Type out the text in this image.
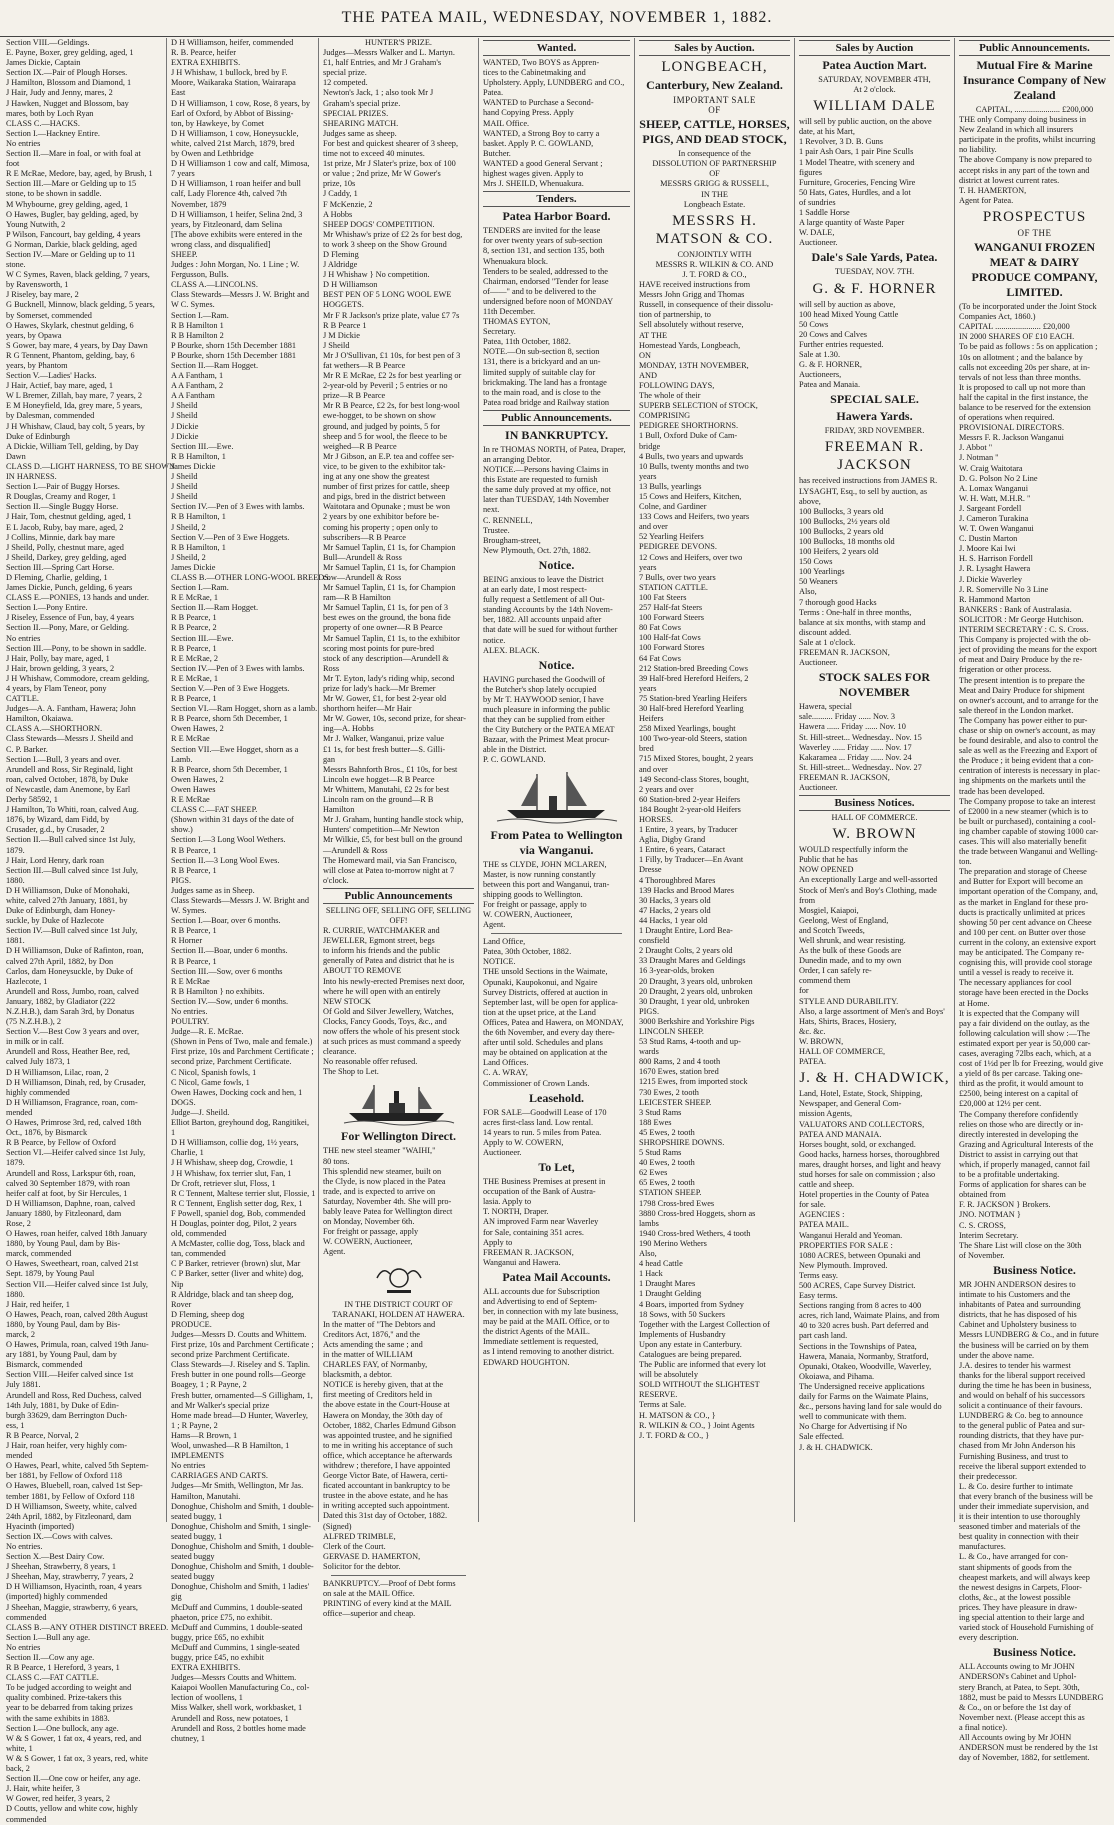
THE PATEA MAIL, WEDNESDAY, NOVEMBER 1, 1882.
Section VIII.—Geldings.
E. Payne, Boxer, grey gelding, aged, 1
James Dickie, Captain
Section IX.—Pair of Plough Horses.
J Hamilton, Blossom and Diamond, 1
J Hair, Judy and Jenny, mares, 2
J Hawken, Nugget and Blossom, bay
mares, both by Loch Ryan
CLASS C.—HACKS.
Section I.—Hackney Entire.
No entries
Section II.—Mare in foal, or with foal at
foot
R E McRae, Medore, bay, aged, by Brush, 1
Section III.—Mare or Gelding up to 15
stone, to be shown in saddle.
M Whybourne, grey gelding, aged, 1
O Hawes, Bugler, bay gelding, aged, by
Young Nutwith, 2
P Wilson, Fancourt, bay gelding, 4 years
G Norman, Darkie, black gelding, aged
Section IV.—Mare or Gelding up to 11
stone.
W C Symes, Raven, black gelding, 7 years,
by Ravensworth, 1
J Riseley, bay mare, 2
G Bucknell, Minnow, black gelding, 5 years,
by Somerset, commended
O Hawes, Skylark, chestnut gelding, 6
years, by Opawa
S Gower, bay mare, 4 years, by Day Dawn
R G Tennent, Phantom, gelding, bay, 6
years, by Phantom
Section V.—Ladies' Hacks.
J Hair, Actief, bay mare, aged, 1
W L Bremer, Zillah, bay mare, 7 years, 2
E M Honeyfield, Ida, grey mare, 5 years,
by Dalesman, commended
J H Whishaw, Claud, bay colt, 5 years, by
Duke of Edinburgh
A Dickie, William Tell, gelding, by Day
Dawn
CLASS D.—LIGHT HARNESS, TO BE SHOWN
IN HARNESS.
Section I.—Pair of Buggy Horses.
R Douglas, Creamy and Roger, 1
Section II.—Single Buggy Horse.
J Hair, Tom, chestnut gelding, aged, 1
E L Jacob, Ruby, bay mare, aged, 2
J Collins, Minnie, dark bay mare
J Sheild, Polly, chestnut mare, aged
J Sheild, Darkey, grey gelding, aged
Section III.—Spring Cart Horse.
D Fleming, Charlie, gelding, 1
James Dickie, Punch, gelding, 6 years
CLASS E.—PONIES, 13 hands and under.
Section I.—Pony Entire.
J Riseley, Essence of Fun, bay, 4 years
Section II.—Pony, Mare, or Gelding.
No entries
Section III.—Pony, to be shown in saddle.
J Hair, Polly, bay mare, aged, 1
J Hair, brown gelding, 3 years, 2
J H Whishaw, Commodore, cream gelding,
4 years, by Flam Teneor, pony
CATTLE.
Judges—A. A. Fantham, Hawera; John
Hamilton, Okaiawa.
CLASS A.—SHORTHORN.
Class Stewards—Messrs J. Sheild and
C. P. Barker.
Section I.—Bull, 3 years and over.
Arundell and Ross, Sir Reginald, light
roan, calved October, 1878, by Duke
of Newcastle, dam Anemone, by Earl
Derby 58592, 1
J Hamilton, To Whiti, roan, calved Aug.
1876, by Wizard, dam Fidd, by
Crusader, g.d., by Crusader, 2
Section II.—Bull calved since 1st July,
1879.
J Hair, Lord Henry, dark roan
Section III.—Bull calved since 1st July,
1880.
D H Williamson, Duke of Monohaki,
white, calved 27th January, 1881, by
Duke of Edinburgh, dam Honey-
suckle, by Duke of Hazlecote
Section IV.—Bull calved since 1st July,
1881.
D H Williamson, Duke of Rafinton, roan,
calved 27th April, 1882, by Don
Carlos, dam Honeysuckle, by Duke of
Hazlecote, 1
Arundell and Ross, Jumbo, roan, calved
January, 1882, by Gladiator (222
N.Z.H.B.), dam Sarah 3rd, by Donatus
(75 N.Z.H.B.), 2
Section V.—Best Cow 3 years and over,
in milk or in calf.
Arundell and Ross, Heather Bee, red,
calved July 1873, 1
D H Williamson, Lilac, roan, 2
D H Williamson, Dinah, red, by Crusader,
highly commended
D H Williamson, Fragrance, roan, com-
mended
O Hawes, Primrose 3rd, red, calved 18th
Oct., 1876, by Bismarck
R B Pearce, by Fellow of Oxford
Section VI.—Heifer calved since 1st July,
1879.
Arundell and Ross, Larkspur 6th, roan,
calved 30 September 1879, with roan
heifer calf at foot, by Sir Hercules, 1
D H Williamson, Daphne, roan, calved
January 1880, by Fitzleonard, dam
Rose, 2
O Hawes, roan heifer, calved 18th January
1880, by Young Paul, dam by Bis-
marck, commended
O Hawes, Sweetheart, roan, calved 21st
Sept. 1879, by Young Paul
Section VII.—Heifer calved since 1st July,
1880.
J Hair, red heifer, 1
O Hawes, Peach, roan, calved 28th August
1880, by Young Paul, dam by Bis-
marck, 2
O Hawes, Primula, roan, calved 19th Janu-
ary 1881, by Young Paul, dam by
Bismarck, commended
Section VIII.—Heifer calved since 1st
July 1881.
Arundell and Ross, Red Duchess, calved
14th July, 1881, by Duke of Edin-
burgh 33629, dam Berrington Duch-
ess, 1
R B Pearce, Norval, 2
J Hair, roan heifer, very highly com-
mended
O Hawes, Pearl, white, calved 5th Septem-
ber 1881, by Fellow of Oxford 118
O Hawes, Bluebell, roan, calved 1st Sep-
tember 1881, by Fellow of Oxford 118
D H Williamson, Sweety, white, calved
24th April, 1882, by Fitzleonard, dam
Hyacinth (imported)
Section IX.—Cows with calves.
No entries.
Section X.—Best Dairy Cow.
J Sheehan, Strawberry, 8 years, 1
J Sheehan, May, strawberry, 7 years, 2
D H Williamson, Hyacinth, roan, 4 years
(imported) highly commended
J Sheehan, Maggie, strawberry, 6 years,
commended
CLASS B.—ANY OTHER DISTINCT BREED.
Section I.—Bull any age.
No entries
Section II.—Cow any age.
R B Pearce, 1 Hereford, 3 years, 1
CLASS C.—FAT CATTLE.
To be judged according to weight and
quality combined. Prize-takers this
year to be debarred from taking prizes
with the same exhibits in 1883.
Section I.—One bullock, any age.
W & S Gower, 1 fat ox, 4 years, red, and
white, 1
W & S Gower, 1 fat ox, 3 years, red, white
back, 2
Section II.—One cow or heifer, any age.
J. Hair, white heifer, 3
W Gower, red heifer, 3 years, 2
D Coutts, yellow and white cow, highly
commended
D H Williamson, heifer, commended
R. B. Pearce, heifer
EXTRA EXHIBITS.
J H Whishaw, 1 bullock, bred by F.
Moore, Waikaraka Station, Wairarapa
East
D H Williamson, 1 cow, Rose, 8 years, by
Earl of Oxford, by Abbot of Bissing-
ton, by Hawkeye, by Comet
D H Williamson, 1 cow, Honeysuckle,
white, calved 21st March, 1879, bred
by Owen and Lethbridge
D H Williamson 1 cow and calf, Mimosa,
7 years
D H Williamson, 1 roan heifer and bull
calf, Lady Florence 4th, calved 7th
November, 1879
D H Williamson, 1 heifer, Selina 2nd, 3
years, by Fitzleonard, dam Selina
[The above exhibits were entered in the
wrong class, and disqualified]
SHEEP.
Judges : John Morgan, No. 1 Line ; W.
Fergusson, Bulls.
CLASS A.—LINCOLNS.
Class Stewards—Messrs J. W. Bright and
W C. Symes.
Section I.—Ram.
R B Hamilton 1
R B Hamilton 2
P Bourke, shorn 15th December 1881
P Bourke, shorn 15th December 1881
Section II.—Ram Hogget.
A A Fantham, 1
A A Fantham, 2
A A Fantham
J Sheild
J Sheild
J Dickie
J Dickie
Section III.—Ewe.
R B Hamilton, 1
James Dickie
J Sheild
J Sheild
J Sheild
Section IV.—Pen of 3 Ewes with lambs.
R B Hamilton, 1
J Sheild, 2
Section V.—Pen of 3 Ewe Hoggets.
R B Hamilton, 1
J Sheild, 2
James Dickie
CLASS B.—OTHER LONG-WOOL BREEDS.
Section I.—Ram.
R E McRae, 1
Section II.—Ram Hogget.
R B Pearce, 1
R B Pearce, 2
Section III.—Ewe.
R B Pearce, 1
R E McRae, 2
Section IV.—Pen of 3 Ewes with lambs.
R E McRae, 1
Section V.—Pen of 3 Ewe Hoggets.
R B Pearce, 1
Section VI.—Ram Hogget, shorn as a lamb.
R B Pearce, shorn 5th December, 1
Owen Hawes, 2
R E McRae
Section VII.—Ewe Hogget, shorn as a
Lamb.
R B Pearce, shorn 5th December, 1
Owen Hawes, 2
Owen Hawes
R E McRae
CLASS C.—FAT SHEEP.
(Shown within 31 days of the date of
show.)
Section I.—3 Long Wool Wethers.
R B Pearce, 1
Section II.—3 Long Wool Ewes.
R B Pearce, 1
PIGS.
Judges same as in Sheep.
Class Stewards—Messrs J. W. Bright and
W. Symes.
Section I.—Boar, over 6 months.
R B Pearce, 1
R Horner
Section II.—Boar, under 6 months.
R B Pearce, 1
Section III.—Sow, over 6 months
R E McRae
R B Hamilton } no exhibits.
Section IV.—Sow, under 6 months.
No entries.
POULTRY.
Judge—R. E. McRae.
(Shown in Pens of Two, male and female.)
First prize, 10s and Parchment Certificate ;
second prize, Parchment Certificate.
C Nicol, Spanish fowls, 1
C Nicol, Game fowls, 1
Owen Hawes, Docking cock and hen, 1
DOGS.
Judge—J. Sheild.
Elliot Barton, greyhound dog, Rangitikei,
1
D H Williamson, collie dog, 1½ years,
Charlie, 1
J H Whishaw, sheep dog, Crowdie, 1
J H Whishaw, fox terrier slut, Fan, 1
Dr Croft, retriever slut, Floss, 1
R C Tennent, Maltese terrier slut, Flossie, 1
R C Tennent, English setter dog, Rex, 1
F Powell, spaniel dog, Bob, commended
H Douglas, pointer dog, Pilot, 2 years
old, commended
A McMaster, collie dog, Toss, black and
tan, commended
C P Barker, retriever (brown) slut, Mar
C P Barker, setter (liver and white) dog,
Nip
R Aldridge, black and tan sheep dog,
Rover
D Fleming, sheep dog
PRODUCE.
Judges—Messrs D. Coutts and Whittem.
First prize, 10s and Parchment Certificate ;
second prize Parchment Certificate.
Class Stewards—J. Riseley and S. Taplin.
Fresh butter in one pound rolls—George
Boagey, 1 ; R Payne, 2
Fresh butter, ornamented—S Gilligham, 1,
and Mr Walker's special prize
Home made bread—D Hunter, Waverley,
1 ; R Payne, 2
Hams—R Brown, 1
Wool, unwashed—R B Hamilton, 1
IMPLEMENTS
No entries
CARRIAGES AND CARTS.
Judges—Mr Smith, Wellington, Mr Jas.
Hamilton, Manutahi.
Donoghue, Chisholm and Smith, 1 double-
seated buggy, 1
Donoghue, Chisholm and Smith, 1 single-
seated buggy, 1
Donoghue, Chisholm and Smith, 1 double-
seated buggy
Donoghue, Chisholm and Smith, 1 double-
seated buggy
Donoghue, Chisholm and Smith, 1 ladies'
gig
McDuff and Cummins, 1 double-seated
phaeton, price £75, no exhibit.
McDuff and Cummins, 1 double-seated
buggy, price £65, no exhibit
McDuff and Cummins, 1 single-seated
buggy, price £45, no exhibit
EXTRA EXHIBITS.
Judges—Messrs Coutts and Whittem.
Kaiapoi Woollen Manufacturing Co., col-
lection of woollens, 1
Miss Walker, shell work, workbasket, 1
Arundell and Ross, new potatoes, 1
Arundell and Ross, 2 bottles home made
chutney, 1
HUNTER'S PRIZE.
Judges—Messrs Walker and L. Martyn.
£1, half Entries, and Mr J Graham's
special prize.
12 competed.
Newton's Jack, 1 ; also took Mr J
Graham's special prize.
SPECIAL PRIZES.
SHEARING MATCH.
Judges same as sheep.
For best and quickest shearer of 3 sheep,
time not to exceed 40 minutes.
1st prize, Mr J Slater's prize, box of 100
or value ; 2nd prize, Mr W Gower's
prize, 10s
J Caddy, 1
F McKenzie, 2
A Hobbs
SHEEP DOGS' COMPETITION.
Mr Whishaw's prize of £2 2s for best dog,
to work 3 sheep on the Show Ground
D Fleming
J Aldridge
J H Whishaw } No competition.
D H Williamson
BEST PEN OF 5 LONG WOOL EWE
HOGGETS.
Mr F R Jackson's prize plate, value £7 7s
R B Pearce 1
J M Dickie
J Sheild
Mr J O'Sullivan, £1 10s, for best pen of 3
fat wethers—R B Pearce
Mr R E McRae, £2 2s for best yearling or
2-year-old by Peveril ; 5 entries or no
prize—R B Pearce
Mr R B Pearce, £2 2s, for best long-wool
ewe-hogget, to be shown on show
ground, and judged by points, 5 for
sheep and 5 for wool, the fleece to be
weighed—R B Pearce
Mr J Gibson, an E.P. tea and coffee ser-
vice, to be given to the exhibitor tak-
ing at any one show the greatest
number of first prizes for cattle, sheep
and pigs, bred in the district between
Waitotara and Opunake ; must be won
2 years by one exhibitor before be-
coming his property ; open only to
subscribers—R B Pearce
Mr Samuel Taplin, £1 1s, for Champion
Bull—Arundell & Ross
Mr Samuel Taplin, £1 1s, for Champion
cow—Arundell & Ross
Mr Samuel Taplin, £1 1s, for Champion
ram—R B Hamilton
Mr Samuel Taplin, £1 1s, for pen of 3
best ewes on the ground, the bona fide
property of one owner—R B Pearce
Mr Samuel Taplin, £1 1s, to the exhibitor
scoring most points for pure-bred
stock of any description—Arundell &
Ross
Mr T. Eyton, lady's riding whip, second
prize for lady's hack—Mr Bremer
Mr W. Gower, £1, for best 2-year old
shorthorn heifer—Mr Hair
Mr W. Gower, 10s, second prize, for shear-
ing—A. Hobbs
Mr J. Walker, Wanganui, prize value
£1 1s, for best fresh butter—S. Gilli-
gan
Messrs Bahnforth Bros., £1 10s, for best
Lincoln ewe hogget—R B Pearce
Mr Whittem, Manutahi, £2 2s for best
Lincoln ram on the ground—R B
Hamilton
Mr J. Graham, hunting handle stock whip,
Hunters' competition—Mr Newton
Mr Wilkie, £5, for best bull on the ground
—Arundell & Ross
The Homeward mail, via San Francisco,
will close at Patea to-morrow night at 7
o'clock.
Public Announcements
SELLING OFF, SELLING OFF, SELLING OFF!
R. CURRIE, WATCHMAKER and
JEWELLER, Egmont street, begs
to inform his friends and the public
generally of Patea and district that he is
ABOUT TO REMOVE
Into his newly-erected Premises next door,
where he will open with an entirely
NEW STOCK
Of Gold and Silver Jewellery, Watches,
Clocks, Fancy Goods, Toys, &c., and
now offers the whole of his present stock
at such prices as must command a speedy
clearance.
No reasonable offer refused.
The Shop to Let.
For Wellington Direct.
THE new steel steamer "WAIHI,"
80 tons.
This splendid new steamer, built on
the Clyde, is now placed in the Patea
trade, and is expected to arrive on
Saturday, November 4th. She will pro-
bably leave Patea for Wellington direct
on Monday, November 6th.
For freight or passage, apply
W. COWERN, Auctioneer,
Agent.
IN THE DISTRICT COURT OF TARANAKI, HOLDEN AT HAWERA.
In the matter of "The Debtors and
Creditors Act, 1876," and the
Acts amending the same ; and
in the matter of WILLIAM
CHARLES FAY, of Normanby,
blacksmith, a debtor.
NOTICE is hereby given, that at the
first meeting of Creditors held in
the above estate in the Court-House at
Hawera on Monday, the 30th day of
October, 1882, Charles Edmund Gibson
was appointed trustee, and he signified
to me in writing his acceptance of such
office, which acceptance he afterwards
withdrew ; therefore, I have appointed
George Victor Bate, of Hawera, certi-
ficated accountant in bankruptcy to be
trustee in the above estate, and he has
in writing accepted such appointment.
Dated this 31st day of October, 1882.
(Signed)
ALFRED TRIMBLE,
Clerk of the Court.
GERVASE D. HAMERTON,
Solicitor for the debtor.
BANKRUPTCY.—Proof of Debt forms
on sale at the MAIL Office.
PRINTING of every kind at the MAIL
office—superior and cheap.
Wanted.
WANTED, Two BOYS as Appren-
tices to the Cabinetmaking and
Upholstery. Apply, LUNDBERG and CO.,
Patea.
WANTED to Purchase a Second-
hand Copying Press. Apply
MAIL Office.
WANTED, a Strong Boy to carry a
basket. Apply P. C. GOWLAND,
Butcher.
WANTED a good General Servant ;
highest wages given. Apply to
Mrs J. SHEILD, Whenuakura.
Tenders.
Patea Harbor Board.
TENDERS are invited for the lease
for over twenty years of sub-section
8, section 131, and section 135, both
Whenuakura block.
Tenders to be sealed, addressed to the
Chairman, endorsed "Tender for lease
of——" and to be delivered to the
undersigned before noon of MONDAY
11th December.
THOMAS EYTON,
Secretary.
Patea, 11th October, 1882.
NOTE.—On sub-section 8, section
131, there is a brickyard and an un-
limited supply of suitable clay for
brickmaking. The land has a frontage
to the main road, and is close to the
Patea road bridge and Railway station
Public Announcements.
IN BANKRUPTCY.
In re THOMAS NORTH, of Patea, Draper,
an arranging Debtor.
NOTICE.—Persons having Claims in
this Estate are requested to furnish
the same duly proved at my office, not
later than TUESDAY, 14th November
next.
C. RENNELL,
Trustee.
Brougham-street,
New Plymouth, Oct. 27th, 1882.
Notice.
BEING anxious to leave the District
at an early date, I most respect-
fully request a Settlement of all Out-
standing Accounts by the 14th Novem-
ber, 1882. All accounts unpaid after
that date will be sued for without further
notice.
ALEX. BLACK.
Notice.
HAVING purchased the Goodwill of
the Butcher's shop lately occupied
by Mr T. HAYWOOD senior, I have
much pleasure in informing the public
that they can be supplied from either
the City Butchery or the PATEA MEAT
Bazaar, with the Primest Meat procur-
able in the District.
P. C. GOWLAND.
From Patea to Wellington via Wanganui.
THE ss CLYDE, JOHN MCLAREN,
Master, is now running constantly
between this port and Wanganui, tran-
shipping goods to Wellington.
For freight or passage, apply to
W. COWERN, Auctioneer,
Agent.
Land Office,
Patea, 30th October, 1882.
NOTICE.
THE unsold Sections in the Waimate,
Opunaki, Kaupokonui, and Ngaire
Survey Districts, offered at auction in
September last, will be open for applica-
tion at the upset price, at the Land
Offices, Patea and Hawera, on MONDAY,
the 6th November, and every day there-
after until sold. Schedules and plans
may be obtained on application at the
Land Offices.
C. A. WRAY,
Commissioner of Crown Lands.
Leasehold.
FOR SALE—Goodwill Lease of 170
acres first-class land. Low rental.
14 years to run. 5 miles from Patea.
Apply to W. COWERN,
Auctioneer.
To Let,
THE Business Premises at present in
occupation of the Bank of Austra-
lasia. Apply to
T. NORTH, Draper.
AN improved Farm near Waverley
for Sale, containing 351 acres.
Apply to
FREEMAN R. JACKSON,
Wanganui and Hawera.
Patea Mail Accounts.
ALL accounts due for Subscription
and Advertising to end of Septem-
ber, in connection with my late business,
may be paid at the MAIL Office, or to
the district Agents of the MAIL.
Immediate settlement is requested,
as I intend removing to another district.
EDWARD HOUGHTON.
Sales by Auction.
LONGBEACH,
Canterbury, New Zealand.
IMPORTANT SALE
OF
SHEEP, CATTLE, HORSES, PIGS, AND DEAD STOCK,
In consequence of the
DISSOLUTION OF PARTNERSHIP
OF
MESSRS GRIGG & RUSSELL,
IN THE
Longbeach Estate.
MESSRS H. MATSON & CO.
CONJOINTLY WITH
MESSRS R. WILKIN & CO. AND
J. T. FORD & CO.,
HAVE received instructions from
Messrs John Grigg and Thomas
Russell, in consequence of their dissolu-
tion of partnership, to
Sell absolutely without reserve,
AT THE
Homestead Yards, Longbeach,
ON
MONDAY, 13TH NOVEMBER,
AND
FOLLOWING DAYS,
The whole of their
SUPERB SELECTION of STOCK,
COMPRISING
PEDIGREE SHORTHORNS.
1 Bull, Oxford Duke of Cam-
bridge
4 Bulls, two years and upwards
10 Bulls, twenty months and two
years
13 Bulls, yearlings
15 Cows and Heifers, Kitchen,
Colne, and Gardiner
133 Cows and Heifers, two years
and over
52 Yearling Heifers
PEDIGREE DEVONS.
12 Cows and Heifers, over two
years
7 Bulls, over two years
STATION CATTLE.
100 Fat Steers
257 Half-fat Steers
100 Forward Steers
80 Fat Cows
100 Half-fat Cows
100 Forward Stores
64 Fat Cows
212 Station-bred Breeding Cows
39 Half-bred Hereford Heifers, 2
years
75 Station-bred Yearling Heifers
30 Half-bred Hereford Yearling
Heifers
258 Mixed Yearlings, bought
100 Two-year-old Steers, station
bred
715 Mixed Stores, bought, 2 years
and over
149 Second-class Stores, bought,
2 years and over
60 Station-bred 2-year Heifers
184 Bought 2-year-old Heifers
HORSES.
1 Entire, 3 years, by Traducer
Aglia, Digby Grand
1 Entire, 6 years, Cataract
1 Filly, by Traducer—En Avant
Dresse
4 Thoroughbred Mares
139 Hacks and Brood Mares
30 Hacks, 3 years old
47 Hacks, 2 years old
44 Hacks, 1 year old
1 Draught Entire, Lord Bea-
consfield
2 Draught Colts, 2 years old
33 Draught Mares and Geldings
16 3-year-olds, broken
20 Draught, 3 years old, unbroken
20 Draught, 2 years old, unbroken
30 Draught, 1 year old, unbroken
PIGS.
3000 Berkshire and Yorkshire Pigs
LINCOLN SHEEP.
53 Stud Rams, 4-tooth and up-
wards
800 Rams, 2 and 4 tooth
1670 Ewes, station bred
1215 Ewes, from imported stock
730 Ewes, 2 tooth
LEICESTER SHEEP.
3 Stud Rams
188 Ewes
45 Ewes, 2 tooth
SHROPSHIRE DOWNS.
5 Stud Rams
40 Ewes, 2 tooth
62 Ewes
65 Ewes, 2 tooth
STATION SHEEP.
1798 Cross-bred Ewes
3880 Cross-bred Hoggets, shorn as
lambs
1940 Cross-bred Wethers, 4 tooth
190 Merino Wethers
Also,
4 head Cattle
1 Hack
1 Draught Mares
1 Draught Gelding
4 Boars, imported from Sydney
18 Sows, with 50 Suckers
Together with the Largest Collection of
Implements of Husbandry
Upon any estate in Canterbury.
Catalogues are being prepared.
The Public are informed that every lot
will be absolutely
SOLD WITHOUT the SLIGHTEST
RESERVE.
Terms at Sale.
H. MATSON & CO., }
R. WILKIN & CO., } Joint Agents
J. T. FORD & CO., }
Sales by Auction
Patea Auction Mart.
SATURDAY, NOVEMBER 4TH,
At 2 o'clock.
WILLIAM DALE
will sell by public auction, on the above
date, at his Mart,
1 Revolver, 3 D. B. Guns
1 pair Ash Oars, 1 pair Pine Sculls
1 Model Theatre, with scenery and
figures
Furniture, Groceries, Fencing Wire
50 Hats, Gates, Hurdles, and a lot
of sundries
1 Saddle Horse
A large quantity of Waste Paper
W. DALE,
Auctioneer.
Dale's Sale Yards, Patea.
TUESDAY, NOV. 7TH.
G. & F. HORNER
will sell by auction as above,
100 head Mixed Young Cattle
50 Cows
20 Cows and Calves
Further entries requested.
Sale at 1.30.
G. & F. HORNER,
Auctioneers,
Patea and Manaia.
SPECIAL SALE.
Hawera Yards.
FRIDAY, 3RD NOVEMBER.
FREEMAN R. JACKSON
has received instructions from JAMES R.
LYSAGHT, Esq., to sell by auction, as
above,
100 Bullocks, 3 years old
100 Bullocks, 2½ years old
100 Bullocks, 2 years old
100 Bullocks, 18 months old
100 Heifers, 2 years old
150 Cows
100 Yearlings
50 Weaners
Also,
7 thorough good Hacks
Terms : One-half in three months,
balance at six months, with stamp and
discount added.
Sale at 1 o'clock.
FREEMAN R. JACKSON,
Auctioneer.
STOCK SALES FOR NOVEMBER
Hawera, special
sale.......... Friday ...... Nov. 3
Hawera ...... Friday ...... Nov. 10
St. Hill-street... Wednesday.. Nov. 15
Waverley ...... Friday ...... Nov. 17
Kakaramea ... Friday ...... Nov. 24
St. Hill-street... Wednesday.. Nov. 27
FREEMAN R. JACKSON,
Auctioneer.
Business Notices.
HALL OF COMMERCE.
W. BROWN
WOULD respectfully inform the
Public that he has
NOW OPENED
An exceptionally Large and well-assorted
Stock of Men's and Boy's Clothing, made
from
Mosgiel, Kaiapoi,
Geelong, West of England,
and Scotch Tweeds,
Well shrunk, and wear resisting.
As the bulk of these Goods are
Dunedin made, and to my own
Order, I can safely re-
commend them
for
STYLE AND DURABILITY.
Also, a large assortment of Men's and Boys'
Hats, Shirts, Braces, Hosiery,
&c. &c.
W. BROWN,
HALL OF COMMERCE,
PATEA.
J. & H. CHADWICK,
Land, Hotel, Estate, Stock, Shipping,
Newspaper, and General Com-
mission Agents,
VALUATORS AND COLLECTORS,
PATEA AND MANAIA.
Horses bought, sold, or exchanged.
Good hacks, harness horses, thoroughbred
mares, draught horses, and light and heavy
stud horses for sale on commission ; also
cattle and sheep.
Hotel properties in the County of Patea
for sale.
AGENCIES :
PATEA MAIL.
Wanganui Herald and Yeoman.
PROPERTIES FOR SALE :
1080 ACRES, between Opunaki and
New Plymouth. Improved.
Terms easy.
500 ACRES, Cape Survey District.
Easy terms.
Sections ranging from 8 acres to 400
acres, rich land, Waimate Plains, and from
40 to 320 acres bush. Part deferred and
part cash land.
Sections in the Townships of Patea,
Hawera, Manaia, Normanby, Stratford,
Opunaki, Otakeo, Woodville, Waverley,
Okoiawa, and Pihama.
The Undersigned receive applications
daily for Farms on the Waimate Plains,
&c., persons having land for sale would do
well to communicate with them.
No Charge for Advertising if No
Sale effected.
J. & H. CHADWICK.
Public Announcements.
Mutual Fire & Marine Insurance Company of New Zealand
CAPITAL, ...................... £200,000
THE only Company doing business in
New Zealand in which all insurers
participate in the profits, whilst incurring
no liability.
The above Company is now prepared to
accept risks in any part of the town and
district at lowest current rates.
T. H. HAMERTON,
Agent for Patea.
PROSPECTUS
OF THE
WANGANUI FROZEN MEAT & DAIRY PRODUCE COMPANY, LIMITED.
(To be incorporated under the Joint Stock
Companies Act, 1860.)
CAPITAL ...................... £20,000
IN 2000 SHARES OF £10 EACH.
To be paid as follows : 5s on application ;
10s on allotment ; and the balance by
calls not exceeding 20s per share, at in-
tervals of not less than three months.
It is proposed to call up not more than
half the capital in the first instance, the
balance to be reserved for the extension
of operations when required.
PROVISIONAL DIRECTORS.
Messrs F. R. Jackson Wanganui
J. Abbot "
J. Notman "
W. Craig Waitotara
D. G. Polson No 2 Line
A. Lomax Wanganui
W. H. Watt, M.H.R. "
J. Sargeant Fordell
J. Cameron Turakina
W. T. Owen Wanganui
C. Dustin Marton
J. Moore Kai Iwi
H. S. Harrison Fordell
J. R. Lysaght Hawera
J. Dickie Waverley
J. R. Somerville No 3 Line
R. Hammond Marton
BANKERS : Bank of Australasia.
SOLICITOR : Mr George Hutchison.
INTERIM SECRETARY : C. S. Cross.
This Company is projected with the ob-
ject of providing the means for the export
of meat and Dairy Produce by the re-
frigeration or other process.
The present intention is to prepare the
Meat and Dairy Produce for shipment
on owner's account, and to arrange for the
sale thereof in the London market.
The Company has power either to pur-
chase or ship on owner's account, as may
be found desirable, and also to control the
sale as well as the Freezing and Export of
the Produce ; it being evident that a con-
centration of interests is necessary in plac-
ing shipments on the markets until the
trade has been developed.
The Company propose to take an interest
of £2000 in a new steamer (which is to
be built or purchased), containing a cool-
ing chamber capable of stowing 1000 car-
cases. This will also materially benefit
the trade between Wanganui and Welling-
ton.
The preparation and storage of Cheese
and Butter for Export will become an
important operation of the Company, and,
as the market in England for these pro-
ducts is practically unlimited at prices
showing 50 per cent advance on Cheese
and 100 per cent. on Butter over those
current in the colony, an extensive export
may be anticipated. The Company re-
cognising this, will provide cool storage
until a vessel is ready to receive it.
The necessary appliances for cool
storage have been erected in the Docks
at Home.
It is expected that the Company will
pay a fair dividend on the outlay, as the
following calculation will show :—The
estimated export per year is 50,000 car-
cases, averaging 72lbs each, which, at a
cost of 1½d per lb for Freezing, would give
a yield of 8s per carcase. Taking one-
third as the profit, it would amount to
£2500, being interest on a capital of
£20,000 at 12½ per cent.
The Company therefore confidently
relies on those who are directly or in-
directly interested in developing the
Grazing and Agricultural Interests of the
District to assist in carrying out that
which, if properly managed, cannot fail
to be a profitable undertaking.
Forms of application for shares can be
obtained from
F. R. JACKSON } Brokers.
JNO. NOTMAN }
C. S. CROSS,
Interim Secretary.
The Share List will close on the 30th
of November.
Business Notice.
MR JOHN ANDERSON desires to
intimate to his Customers and the
inhabitants of Patea and surrounding
districts, that he has disposed of his
Cabinet and Upholstery business to
Messrs LUNDBERG & Co., and in future
the business will be carried on by them
under the above name.
J.A. desires to tender his warmest
thanks for the liberal support received
during the time he has been in business,
and would on behalf of his successors
solicit a continuance of their favours.
LUNDBERG & Co. beg to announce
to the general public of Patea and sur-
rounding districts, that they have pur-
chased from Mr John Anderson his
Furnishing Business, and trust to
receive the liberal support extended to
their predecessor.
L. & Co. desire further to intimate
that every branch of the business will be
under their immediate supervision, and
it is their intention to use thoroughly
seasoned timber and materials of the
best quality in connection with their
manufactures.
L. & Co., have arranged for con-
stant shipments of goods from the
cheapest markets, and will always keep
the newest designs in Carpets, Floor-
cloths, &c., at the lowest possible
prices. They have pleasure in draw-
ing special attention to their large and
varied stock of Household Furnishing of
every description.
Business Notice.
ALL Accounts owing to Mr JOHN
ANDERSON's Cabinet and Uphol-
stery Branch, at Patea, to Sept. 30th,
1882, must be paid to Messrs LUNDBERG
& Co., on or before the 1st day of
November next. (Please accept this as
a final notice).
All Accounts owing by Mr JOHN
ANDERSON must be rendered by the 1st
day of November, 1882, for settlement.
